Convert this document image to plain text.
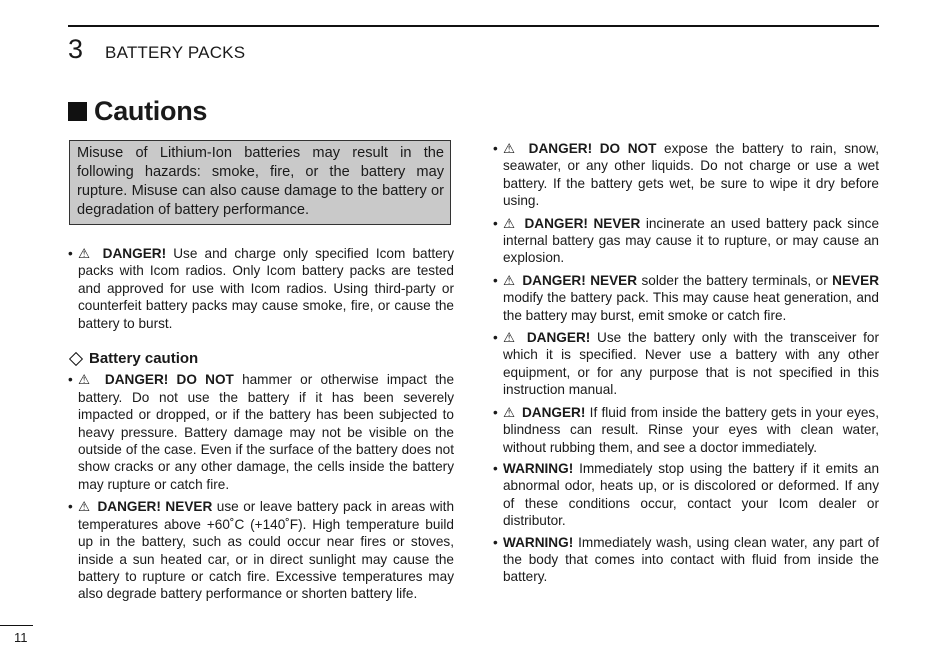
3 BATTERY PACKS
Cautions
Misuse of Lithium-Ion batteries may result in the following hazards: smoke, fire, or the battery may rupture. Misuse can also cause damage to the battery or degradation of battery performance.
• ⚠ DANGER! Use and charge only specified Icom battery packs with Icom radios. Only Icom battery packs are tested and approved for use with Icom radios. Using third-party or counterfeit battery packs may cause smoke, fire, or cause the battery to burst.
Battery caution
• ⚠ DANGER! DO NOT hammer or otherwise impact the battery. Do not use the battery if it has been severely impacted or dropped, or if the battery has been subjected to heavy pressure. Battery damage may not be visible on the outside of the case. Even if the surface of the battery does not show cracks or any other damage, the cells inside the battery may rupture or catch fire.
• ⚠ DANGER! NEVER use or leave battery pack in areas with temperatures above +60˚C (+140˚F). High temperature build up in the battery, such as could occur near fires or stoves, inside a sun heated car, or in direct sunlight may cause the battery to rupture or catch fire. Excessive temperatures may also degrade battery performance or shorten battery life.
• ⚠ DANGER! DO NOT expose the battery to rain, snow, seawater, or any other liquids. Do not charge or use a wet battery. If the battery gets wet, be sure to wipe it dry before using.
• ⚠ DANGER! NEVER incinerate an used battery pack since internal battery gas may cause it to rupture, or may cause an explosion.
• ⚠ DANGER! NEVER solder the battery terminals, or NEVER modify the battery pack. This may cause heat generation, and the battery may burst, emit smoke or catch fire.
• ⚠ DANGER! Use the battery only with the transceiver for which it is specified. Never use a battery with any other equipment, or for any purpose that is not specified in this instruction manual.
• ⚠ DANGER! If fluid from inside the battery gets in your eyes, blindness can result. Rinse your eyes with clean water, without rubbing them, and see a doctor immediately.
• WARNING! Immediately stop using the battery if it emits an abnormal odor, heats up, or is discolored or deformed. If any of these conditions occur, contact your Icom dealer or distributor.
• WARNING! Immediately wash, using clean water, any part of the body that comes into contact with fluid from inside the battery.
11
